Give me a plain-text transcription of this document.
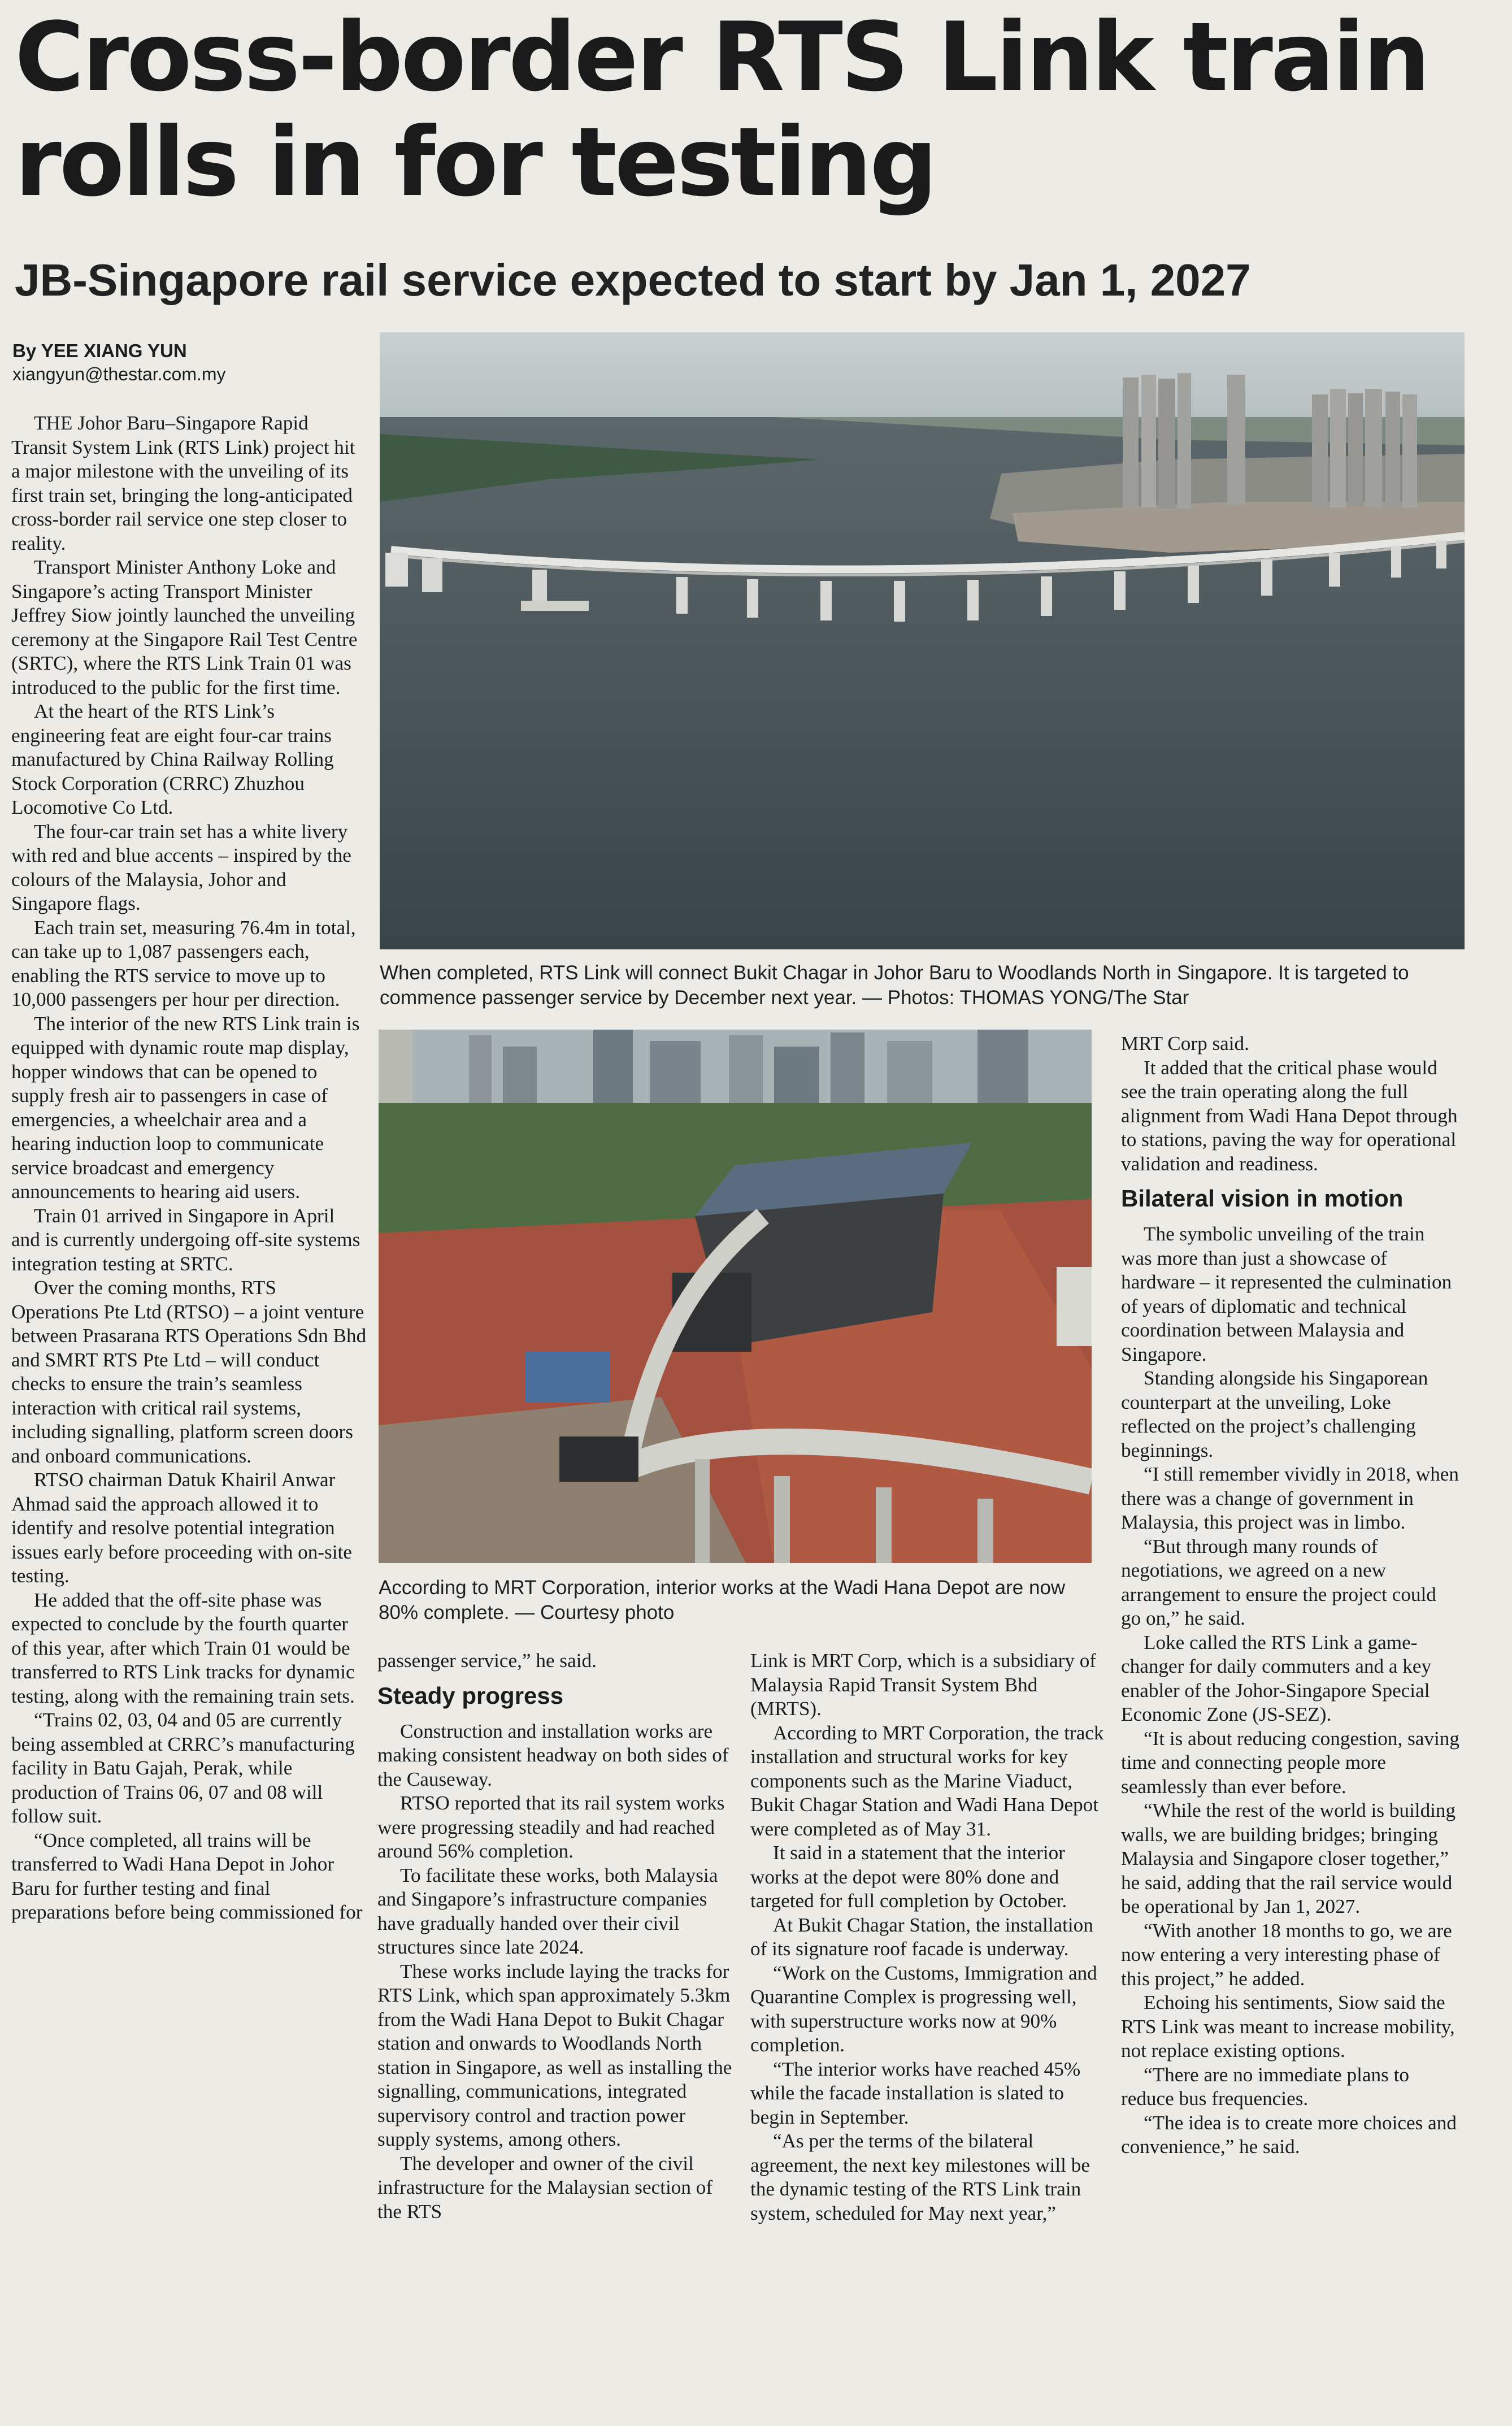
Cross-border RTS Link train rolls in for testing
JB-Singapore rail service expected to start by Jan 1, 2027
By YEE XIANG YUN
xiangyun@thestar.com.my

THE Johor Baru–Singapore Rapid Transit System Link (RTS Link) project hit a major milestone with the unveiling of its first train set, bringing the long-anticipated cross-border rail service one step closer to reality.

Transport Minister Anthony Loke and Singapore’s acting Transport Minister Jeffrey Siow jointly launched the unveiling ceremony at the Singapore Rail Test Centre (SRTC), where the RTS Link Train 01 was introduced to the public for the first time.

At the heart of the RTS Link’s engineering feat are eight four-car trains manufactured by China Railway Rolling Stock Corporation (CRRC) Zhuzhou Locomotive Co Ltd.

The four-car train set has a white livery with red and blue accents – inspired by the colours of the Malaysia, Johor and Singapore flags.

Each train set, measuring 76.4m in total, can take up to 1,087 passengers each, enabling the RTS service to move up to 10,000 passengers per hour per direction.

The interior of the new RTS Link train is equipped with dynamic route map display, hopper windows that can be opened to supply fresh air to passengers in case of emergencies, a wheelchair area and a hearing induction loop to communicate service broadcast and emergency announcements to hearing aid users.

Train 01 arrived in Singapore in April and is currently undergoing off-site systems integration testing at SRTC.

Over the coming months, RTS Operations Pte Ltd (RTSO) – a joint venture between Prasarana RTS Operations Sdn Bhd and SMRT RTS Pte Ltd – will conduct checks to ensure the train’s seamless interaction with critical rail systems, including signalling, platform screen doors and onboard communications.

RTSO chairman Datuk Khairil Anwar Ahmad said the approach allowed it to identify and resolve potential integration issues early before proceeding with on-site testing.

He added that the off-site phase was expected to conclude by the fourth quarter of this year, after which Train 01 would be transferred to RTS Link tracks for dynamic testing, along with the remaining train sets.

“Trains 02, 03, 04 and 05 are currently being assembled at CRRC’s manufacturing facility in Batu Gajah, Perak, while production of Trains 06, 07 and 08 will follow suit.

“Once completed, all trains will be transferred to Wadi Hana Depot in Johor Baru for further testing and final preparations before being commissioned for

When completed, RTS Link will connect Bukit Chagar in Johor Baru to Woodlands North in Singapore. It is targeted to commence passenger service by December next year. — Photos: THOMAS YONG/The Star

According to MRT Corporation, interior works at the Wadi Hana Depot are now 80% complete. — Courtesy photo

passenger service,” he said.

Steady progress

Construction and installation works are making consistent headway on both sides of the Causeway.

RTSO reported that its rail system works were progressing steadily and had reached around 56% completion.

To facilitate these works, both Malaysia and Singapore’s infrastructure companies have gradually handed over their civil structures since late 2024.

These works include laying the tracks for RTS Link, which span approximately 5.3km from the Wadi Hana Depot to Bukit Chagar station and onwards to Woodlands North station in Singapore, as well as installing the signalling, communications, integrated supervisory control and traction power supply systems, among others.

The developer and owner of the civil infrastructure for the Malaysian section of the RTS

Link is MRT Corp, which is a subsidiary of Malaysia Rapid Transit System Bhd (MRTS).

According to MRT Corporation, the track installation and structural works for key components such as the Marine Viaduct, Bukit Chagar Station and Wadi Hana Depot were completed as of May 31.

It said in a statement that the interior works at the depot were 80% done and targeted for full completion by October.

At Bukit Chagar Station, the installation of its signature roof facade is underway.

“Work on the Customs, Immigration and Quarantine Complex is progressing well, with superstructure works now at 90% completion.

“The interior works have reached 45% while the facade installation is slated to begin in September.

“As per the terms of the bilateral agreement, the next key milestones will be the dynamic testing of the RTS Link train system, scheduled for May next year,”

MRT Corp said.

It added that the critical phase would see the train operating along the full alignment from Wadi Hana Depot through to stations, paving the way for operational validation and readiness.

Bilateral vision in motion

The symbolic unveiling of the train was more than just a showcase of hardware – it represented the culmination of years of diplomatic and technical coordination between Malaysia and Singapore.

Standing alongside his Singaporean counterpart at the unveiling, Loke reflected on the project’s challenging beginnings.

“I still remember vividly in 2018, when there was a change of government in Malaysia, this project was in limbo.

“But through many rounds of negotiations, we agreed on a new arrangement to ensure the project could go on,” he said.

Loke called the RTS Link a game-changer for daily commuters and a key enabler of the Johor-Singapore Special Economic Zone (JS-SEZ).

“It is about reducing congestion, saving time and connecting people more seamlessly than ever before.

“While the rest of the world is building walls, we are building bridges; bringing Malaysia and Singapore closer together,” he said, adding that the rail service would be operational by Jan 1, 2027.

“With another 18 months to go, we are now entering a very interesting phase of this project,” he added.

Echoing his sentiments, Siow said the RTS Link was meant to increase mobility, not replace existing options.

“There are no immediate plans to reduce bus frequencies.

“The idea is to create more choices and convenience,” he said.
